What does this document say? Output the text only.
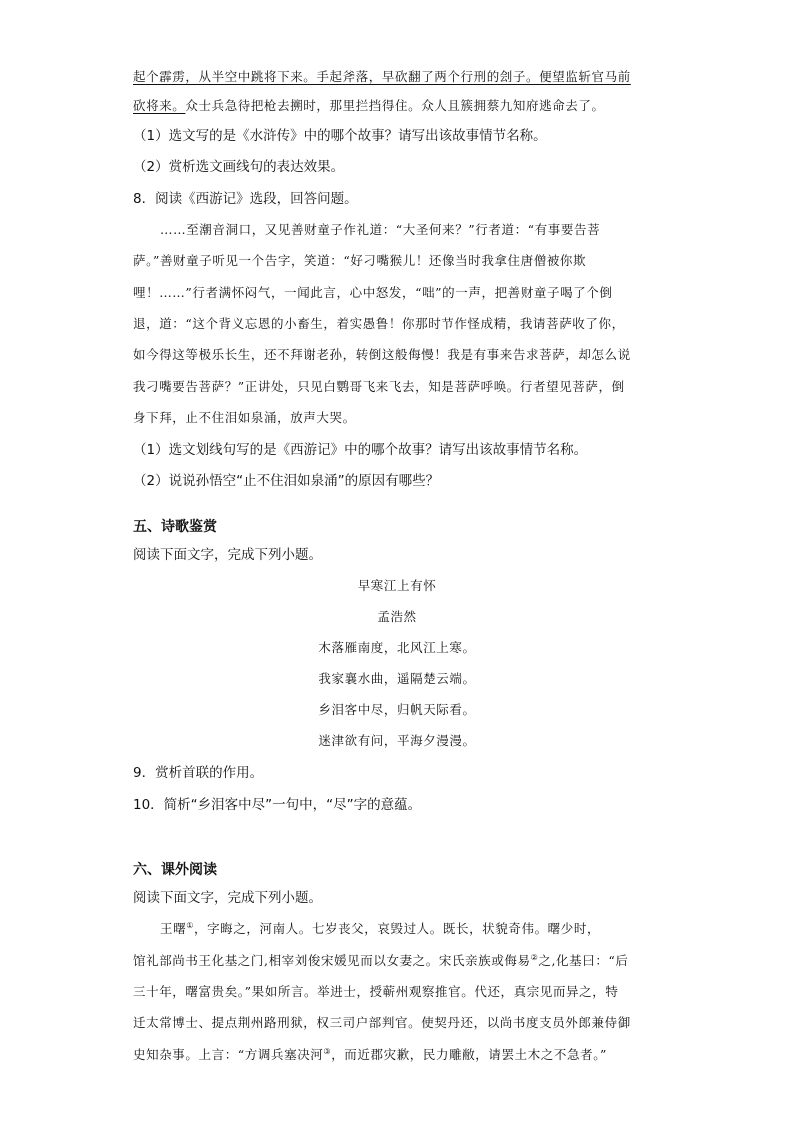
起个霹雳，从半空中跳将下来。手起斧落，早砍翻了两个行刑的刽子。便望监斩官马前
砍将来。众士兵急待把枪去搠时，那里拦挡得住。众人且簇拥蔡九知府逃命去了。
（1）选文写的是《水浒传》中的哪个故事？请写出该故事情节名称。
（2）赏析选文画线句的表达效果。
8．阅读《西游记》选段，回答问题。
……至潮音洞口，又见善财童子作礼道：“大圣何来？”行者道：“有事要告菩
萨。”善财童子听见一个告字，笑道：“好刁嘴猴儿！还像当时我拿住唐僧被你欺
哩！……”行者满怀闷气，一闻此言，心中怒发，“咄”的一声，把善财童子喝了个倒
退，道：“这个背义忘恩的小畜生，着实愚鲁！你那时节作怪成精，我请菩萨收了你，
如今得这等极乐长生，还不拜谢老孙，转倒这般侮慢！我是有事来告求菩萨，却怎么说
我刁嘴要告菩萨？”正讲处，只见白鹦哥飞来飞去，知是菩萨呼唤。行者望见菩萨，倒
身下拜，止不住泪如泉涌，放声大哭。
（1）选文划线句写的是《西游记》中的哪个故事？请写出该故事情节名称。
（2）说说孙悟空“止不住泪如泉涌”的原因有哪些？
五、诗歌鉴赏
阅读下面文字，完成下列小题。
早寒江上有怀
孟浩然
木落雁南度，北风江上寒。
我家襄水曲，遥隔楚云端。
乡泪客中尽，归帆天际看。
迷津欲有问，平海夕漫漫。
9．赏析首联的作用。
10．简析“乡泪客中尽”一句中，“尽”字的意蕴。
六、课外阅读
阅读下面文字，完成下列小题。
王曙①，字晦之，河南人。七岁丧父，哀毁过人。既长，状貌奇伟。曙少时，
馆礼部尚书王化基之门,相宰刘俊宋媛见而以女妻之。宋氏亲族或侮易②之,化基曰：“后
三十年，曙富贵矣。”果如所言。举进士，授蕲州观察推官。代还，真宗见而异之，特
迁太常博士、提点荆州路刑狱，权三司户部判官。使契丹还，以尚书度支员外郎兼侍御
史知杂事。上言：“方调兵塞决河③，而近郡灾歉，民力雕敝，请罢土木之不急者。”
